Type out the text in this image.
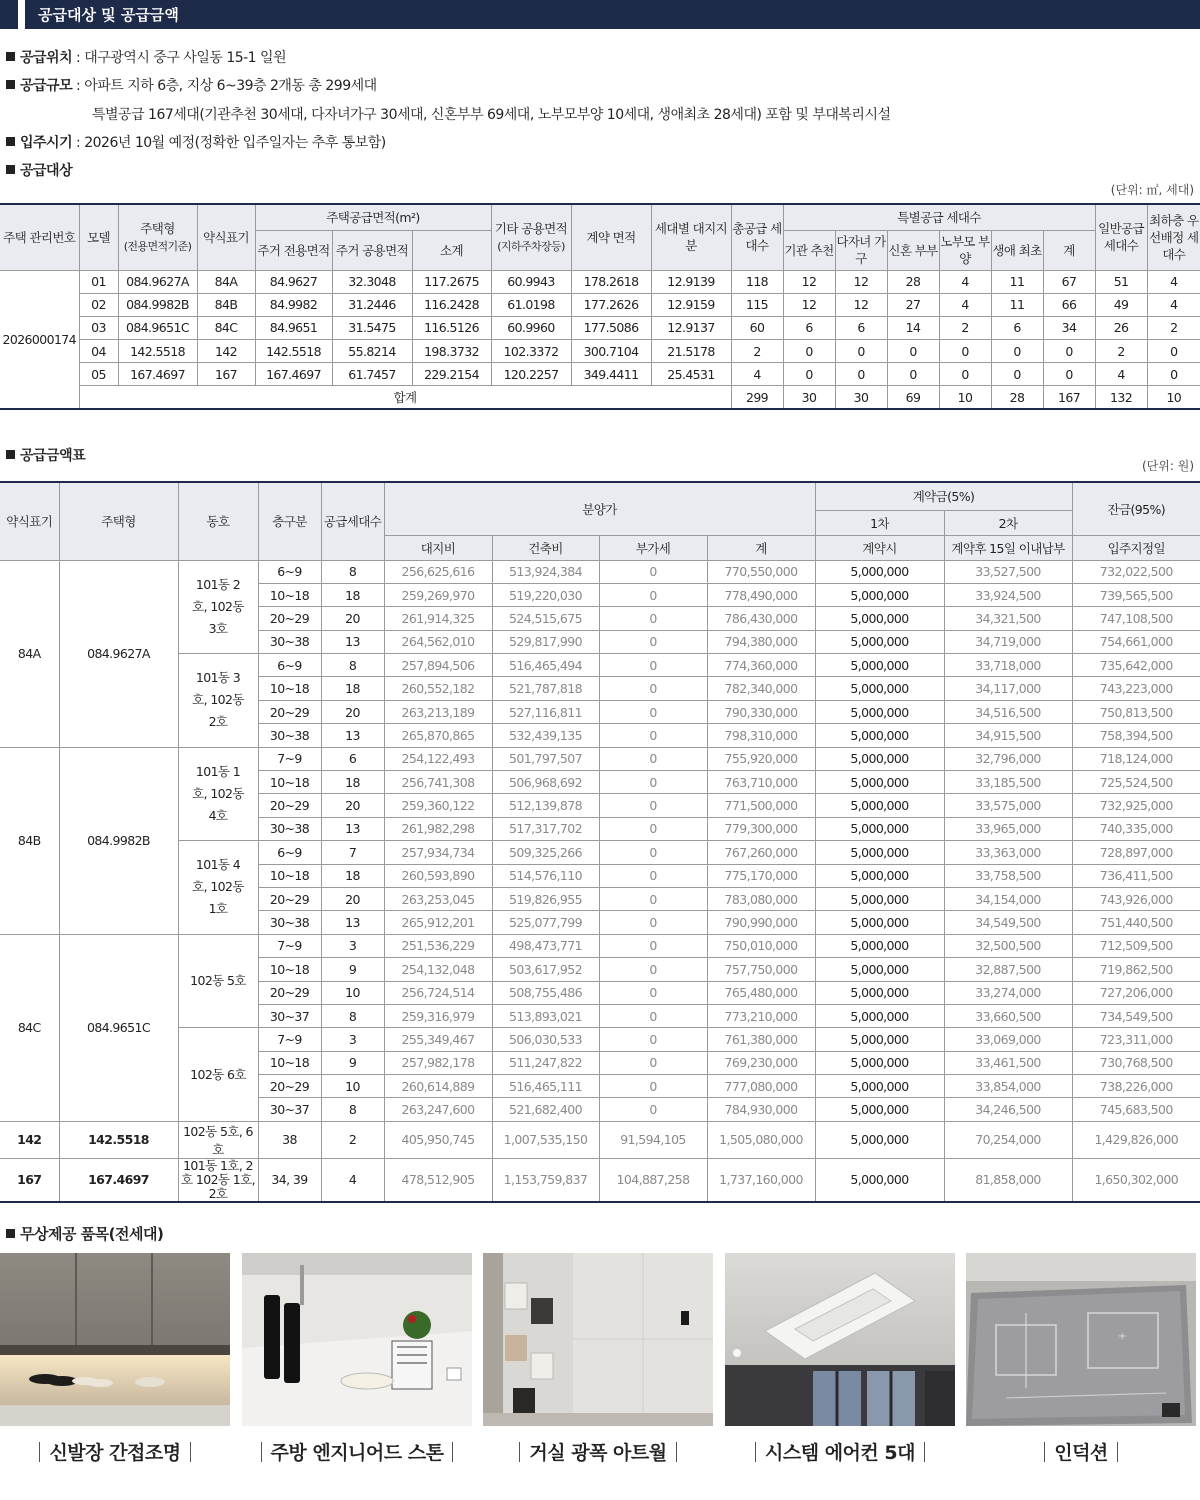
공급대상 및 공급금액
공급위치 : 대구광역시 중구 사일동 15-1 일원
공급규모 : 아파트 지하 6층, 지상 6~39층 2개동 총 299세대
특별공급 167세대(기관추천 30세대, 다자녀가구 30세대, 신혼부부 69세대, 노부모부양 10세대, 생애최초 28세대) 포함 및 부대복리시설
입주시기 : 2026년 10월 예정(정확한 입주일자는 추후 통보함)
공급대상
(단위: ㎡, 세대)
주택 관리번호	모델	주택형
(전용면적기준)	약식표기	주택공급면적(m²)			기타 공용면적
(지하주차장등)	계약 면적	세대별 대지지분	총공급 세대수	특별공급 세대수						일반공급 세대수	최하층 우선배정 세대수
				주거 전용면적	주거 공용면적	소계					기관 추천	다자녀 가구	신혼 부부	노부모 부양	생애 최초	계		
2026000174	01	084.9627A	84A	84.9627	32.3048	117.2675	60.9943	178.2618	12.9139	118	12	12	28	4	11	67	51	4
	02	084.9982B	84B	84.9982	31.2446	116.2428	61.0198	177.2626	12.9159	115	12	12	27	4	11	66	49	4
	03	084.9651C	84C	84.9651	31.5475	116.5126	60.9960	177.5086	12.9137	60	6	6	14	2	6	34	26	2
	04	142.5518	142	142.5518	55.8214	198.3732	102.3372	300.7104	21.5178	2	0	0	0	0	0	0	2	0
	05	167.4697	167	167.4697	61.7457	229.2154	120.2257	349.4411	25.4531	4	0	0	0	0	0	0	4	0
	합계									299	30	30	69	10	28	167	132	10
공급금액표
(단위: 원)
약식표기	주택형	동호	층구분	공급세대수	분양가				계약금(5%)		잔금(95%)
									1차	2차	
					대지비	건축비	부가세	계	계약시	계약후 15일 이내납부	입주지정일
84A	084.9627A	101동 2호, 102동 3호	6~9	8	256,625,616	513,924,384	0	770,550,000	5,000,000	33,527,500	732,022,500
			10~18	18	259,269,970	519,220,030	0	778,490,000	5,000,000	33,924,500	739,565,500
			20~29	20	261,914,325	524,515,675	0	786,430,000	5,000,000	34,321,500	747,108,500
			30~38	13	264,562,010	529,817,990	0	794,380,000	5,000,000	34,719,000	754,661,000
		101동 3호, 102동 2호	6~9	8	257,894,506	516,465,494	0	774,360,000	5,000,000	33,718,000	735,642,000
			10~18	18	260,552,182	521,787,818	0	782,340,000	5,000,000	34,117,000	743,223,000
			20~29	20	263,213,189	527,116,811	0	790,330,000	5,000,000	34,516,500	750,813,500
			30~38	13	265,870,865	532,439,135	0	798,310,000	5,000,000	34,915,500	758,394,500
84B	084.9982B	101동 1호, 102동 4호	7~9	6	254,122,493	501,797,507	0	755,920,000	5,000,000	32,796,000	718,124,000
			10~18	18	256,741,308	506,968,692	0	763,710,000	5,000,000	33,185,500	725,524,500
			20~29	20	259,360,122	512,139,878	0	771,500,000	5,000,000	33,575,000	732,925,000
			30~38	13	261,982,298	517,317,702	0	779,300,000	5,000,000	33,965,000	740,335,000
		101동 4호, 102동 1호	6~9	7	257,934,734	509,325,266	0	767,260,000	5,000,000	33,363,000	728,897,000
			10~18	18	260,593,890	514,576,110	0	775,170,000	5,000,000	33,758,500	736,411,500
			20~29	20	263,253,045	519,826,955	0	783,080,000	5,000,000	34,154,000	743,926,000
			30~38	13	265,912,201	525,077,799	0	790,990,000	5,000,000	34,549,500	751,440,500
84C	084.9651C	102동 5호	7~9	3	251,536,229	498,473,771	0	750,010,000	5,000,000	32,500,500	712,509,500
			10~18	9	254,132,048	503,617,952	0	757,750,000	5,000,000	32,887,500	719,862,500
			20~29	10	256,724,514	508,755,486	0	765,480,000	5,000,000	33,274,000	727,206,000
			30~37	8	259,316,979	513,893,021	0	773,210,000	5,000,000	33,660,500	734,549,500
		102동 6호	7~9	3	255,349,467	506,030,533	0	761,380,000	5,000,000	33,069,000	723,311,000
			10~18	9	257,982,178	511,247,822	0	769,230,000	5,000,000	33,461,500	730,768,500
			20~29	10	260,614,889	516,465,111	0	777,080,000	5,000,000	33,854,000	738,226,000
			30~37	8	263,247,600	521,682,400	0	784,930,000	5,000,000	34,246,500	745,683,500
142	142.5518	102동 5호, 6호	38	2	405,950,745	1,007,535,150	91,594,105	1,505,080,000	5,000,000	70,254,000	1,429,826,000
167	167.4697	101동 1호, 2호 102동 1호, 2호	34, 39	4	478,512,905	1,153,759,837	104,887,258	1,737,160,000	5,000,000	81,858,000	1,650,302,000
무상제공 품목(전세대)
신발장 간접조명	주방 엔지니어드 스톤	거실 광폭 아트월	시스템 에어컨 5대
+
인덕션
